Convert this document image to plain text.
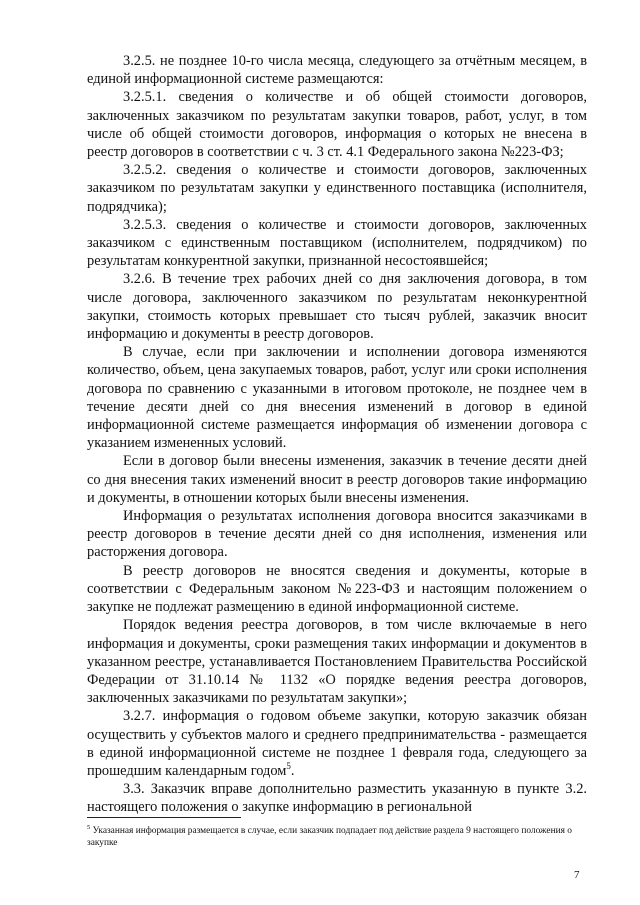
3.2.5. не позднее 10-го числа месяца, следующего за отчётным месяцем, в единой информационной системе размещаются:

3.2.5.1. сведения о количестве и об общей стоимости договоров, заключенных заказчиком по результатам закупки товаров, работ, услуг, в том числе об общей стоимости договоров, информация о которых не внесена в реестр договоров в соответствии с ч. 3 ст. 4.1 Федерального закона №223-ФЗ;

3.2.5.2. сведения о количестве и стоимости договоров, заключенных заказчиком по результатам закупки у единственного поставщика (исполнителя, подрядчика);

3.2.5.3. сведения о количестве и стоимости договоров, заключенных заказчиком с единственным поставщиком (исполнителем, подрядчиком) по результатам конкурентной закупки, признанной несостоявшейся;

3.2.6. В течение трех рабочих дней со дня заключения договора, в том числе договора, заключенного заказчиком по результатам неконкурентной закупки, стоимость которых превышает сто тысяч рублей, заказчик вносит информацию и документы в реестр договоров.

В случае, если при заключении и исполнении договора изменяются количество, объем, цена закупаемых товаров, работ, услуг или сроки исполнения договора по сравнению с указанными в итоговом протоколе, не позднее чем в течение десяти дней со дня внесения изменений в договор в единой информационной системе размещается информация об изменении договора с указанием измененных условий.

Если в договор были внесены изменения, заказчик в течение десяти дней со дня внесения таких изменений вносит в реестр договоров такие информацию и документы, в отношении которых были внесены изменения.

Информация о результатах исполнения договора вносится заказчиками в реестр договоров в течение десяти дней со дня исполнения, изменения или расторжения договора.

В реестр договоров не вносятся сведения и документы, которые в соответствии с Федеральным законом №223-ФЗ и настоящим положением о закупке не подлежат размещению в единой информационной системе.

Порядок ведения реестра договоров, в том числе включаемые в него информация и документы, сроки размещения таких информации и документов в указанном реестре, устанавливается Постановлением Правительства Российской Федерации от 31.10.14 № 1132 «О порядке ведения реестра договоров, заключенных заказчиками по результатам закупки»;

3.2.7. информация о годовом объеме закупки, которую заказчик обязан осуществить у субъектов малого и среднего предпринимательства - размещается в единой информационной системе не позднее 1 февраля года, следующего за прошедшим календарным годом$^5$.

3.3. Заказчик вправе дополнительно разместить указанную в пункте 3.2. настоящего положения о закупке информацию в региональной

$^5$ Указанная информация размещается в случае, если заказчик подпадает под действие раздела 9 настоящего положения о закупке
7
